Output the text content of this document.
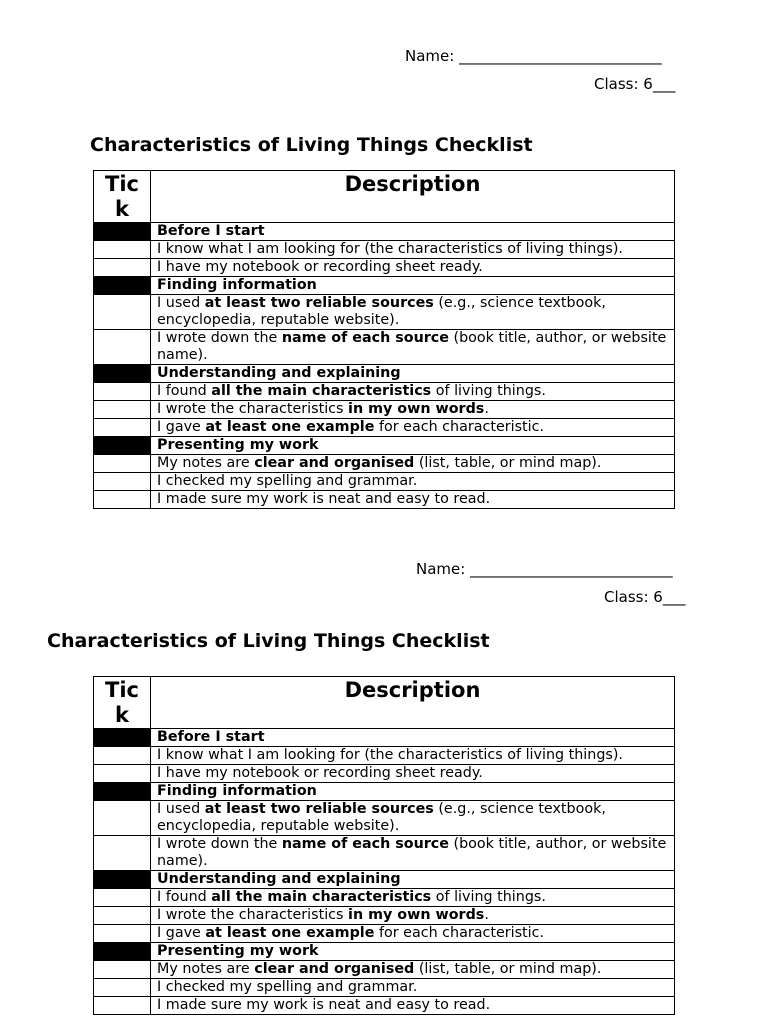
Name: ___________________________
Class: 6___
Characteristics of Living Things Checklist
Tic
k	Description
	Before I start
	I know what I am looking for (the characteristics of living things).
	I have my notebook or recording sheet ready.
	Finding information
	I used at least two reliable sources (e.g., science textbook, encyclopedia, reputable website).
	I wrote down the name of each source (book title, author, or website name).
	Understanding and explaining
	I found all the main characteristics of living things.
	I wrote the characteristics in my own words.
	I gave at least one example for each characteristic.
	Presenting my work
	My notes are clear and organised (list, table, or mind map).
	I checked my spelling and grammar.
	I made sure my work is neat and easy to read.
Name: ___________________________
Class: 6___
Characteristics of Living Things Checklist
Tic
k	Description
	Before I start
	I know what I am looking for (the characteristics of living things).
	I have my notebook or recording sheet ready.
	Finding information
	I used at least two reliable sources (e.g., science textbook, encyclopedia, reputable website).
	I wrote down the name of each source (book title, author, or website name).
	Understanding and explaining
	I found all the main characteristics of living things.
	I wrote the characteristics in my own words.
	I gave at least one example for each characteristic.
	Presenting my work
	My notes are clear and organised (list, table, or mind map).
	I checked my spelling and grammar.
	I made sure my work is neat and easy to read.
